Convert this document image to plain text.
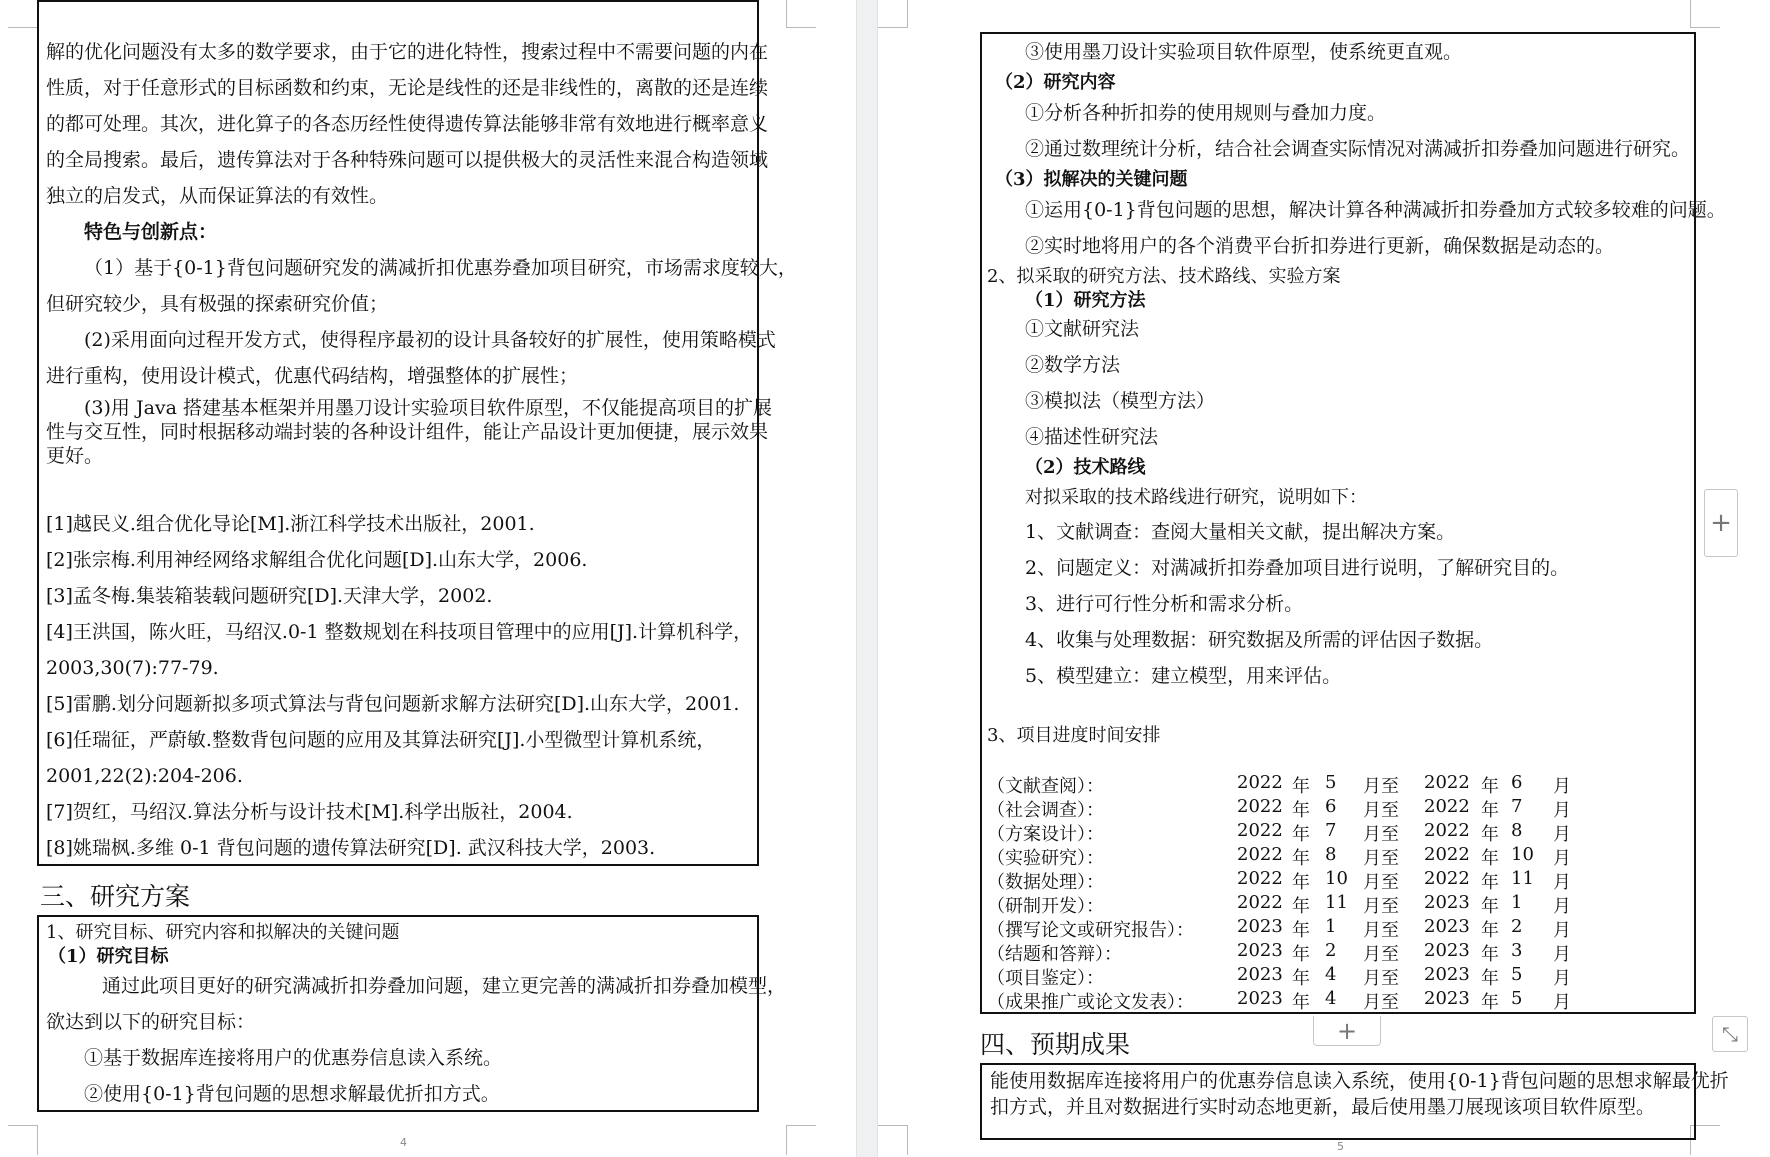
解的优化问题没有太多的数学要求，由于它的进化特性，搜索过程中不需要问题的内在
性质，对于任意形式的目标函数和约束，无论是线性的还是非线性的，离散的还是连续
的都可处理。其次，进化算子的各态历经性使得遗传算法能够非常有效地进行概率意义
的全局搜索。最后，遗传算法对于各种特殊问题可以提供极大的灵活性来混合构造领域
独立的启发式，从而保证算法的有效性。
特色与创新点：
（1）基于{0-1}背包问题研究发的满减折扣优惠券叠加项目研究，市场需求度较大，
但研究较少，具有极强的探索研究价值；
(2)采用面向过程开发方式，使得程序最初的设计具备较好的扩展性，使用策略模式
进行重构，使用设计模式，优惠代码结构，增强整体的扩展性；
(3)用 Java 搭建基本框架并用墨刀设计实验项目软件原型，不仅能提高项目的扩展
性与交互性，同时根据移动端封装的各种设计组件，能让产品设计更加便捷，展示效果
更好。
[1]越民义.组合优化导论[M].浙江科学技术出版社，2001.
[2]张宗梅.利用神经网络求解组合优化问题[D].山东大学，2006.
[3]孟冬梅.集装箱装载问题研究[D].天津大学，2002.
[4]王洪国，陈火旺，马绍汉.0-1 整数规划在科技项目管理中的应用[J].计算机科学，
2003,30(7):77-79.
[5]雷鹏.划分问题新拟多项式算法与背包问题新求解方法研究[D].山东大学，2001.
[6]任瑞征，严蔚敏.整数背包问题的应用及其算法研究[J].小型微型计算机系统，
2001,22(2):204-206.
[7]贺红，马绍汉.算法分析与设计技术[M].科学出版社，2004.
[8]姚瑞枫.多维 0-1 背包问题的遗传算法研究[D]. 武汉科技大学，2003.
三、研究方案
1、研究目标、研究内容和拟解决的关键问题
（1）研究目标
通过此项目更好的研究满减折扣券叠加问题，建立更完善的满减折扣券叠加模型，
欲达到以下的研究目标：
①基于数据库连接将用户的优惠券信息读入系统。
②使用{0-1}背包问题的思想求解最优折扣方式。
4
③使用墨刀设计实验项目软件原型，使系统更直观。
（2）研究内容
①分析各种折扣券的使用规则与叠加力度。
②通过数理统计分析，结合社会调查实际情况对满减折扣券叠加问题进行研究。
（3）拟解决的关键问题
①运用{0-1}背包问题的思想，解决计算各种满减折扣券叠加方式较多较难的问题。
②实时地将用户的各个消费平台折扣券进行更新，确保数据是动态的。
2、拟采取的研究方法、技术路线、实验方案
（1）研究方法
①文献研究法
②数学方法
③模拟法（模型方法）
④描述性研究法
（2）技术路线
对拟采取的技术路线进行研究，说明如下：
1、文献调查：查阅大量相关文献，提出解决方案。
2、问题定义：对满减折扣券叠加项目进行说明，了解研究目的。
3、进行可行性分析和需求分析。
4、收集与处理数据：研究数据及所需的评估因子数据。
5、模型建立：建立模型，用来评估。
3、项目进度时间安排
（文献查阅）：	2022 年 5 月至 2022 年 6 月
（社会调查）：	2022 年 6 月至 2022 年 7 月
（方案设计）：	2022 年 7 月至 2022 年 8 月
（实验研究）：	2022 年 8 月至 2022 年 10 月
（数据处理）：	2022 年 10 月至 2022 年 11 月
（研制开发）：	2022 年 11 月至 2023 年 1 月
（撰写论文或研究报告）： 2023 年 1 月至 2023 年 2 月
（结题和答辩）：	2023 年 2 月至 2023 年 3 月
（项目鉴定）：	2023 年 4 月至 2023 年 5 月
（成果推广或论文发表）： 2023 年 4 月至 2023 年 5 月
四、预期成果
能使用数据库连接将用户的优惠券信息读入系统，使用{0-1}背包问题的思想求解最优折
扣方式，并且对数据进行实时动态地更新，最后使用墨刀展现该项目软件原型。
5
+
+	⤡
